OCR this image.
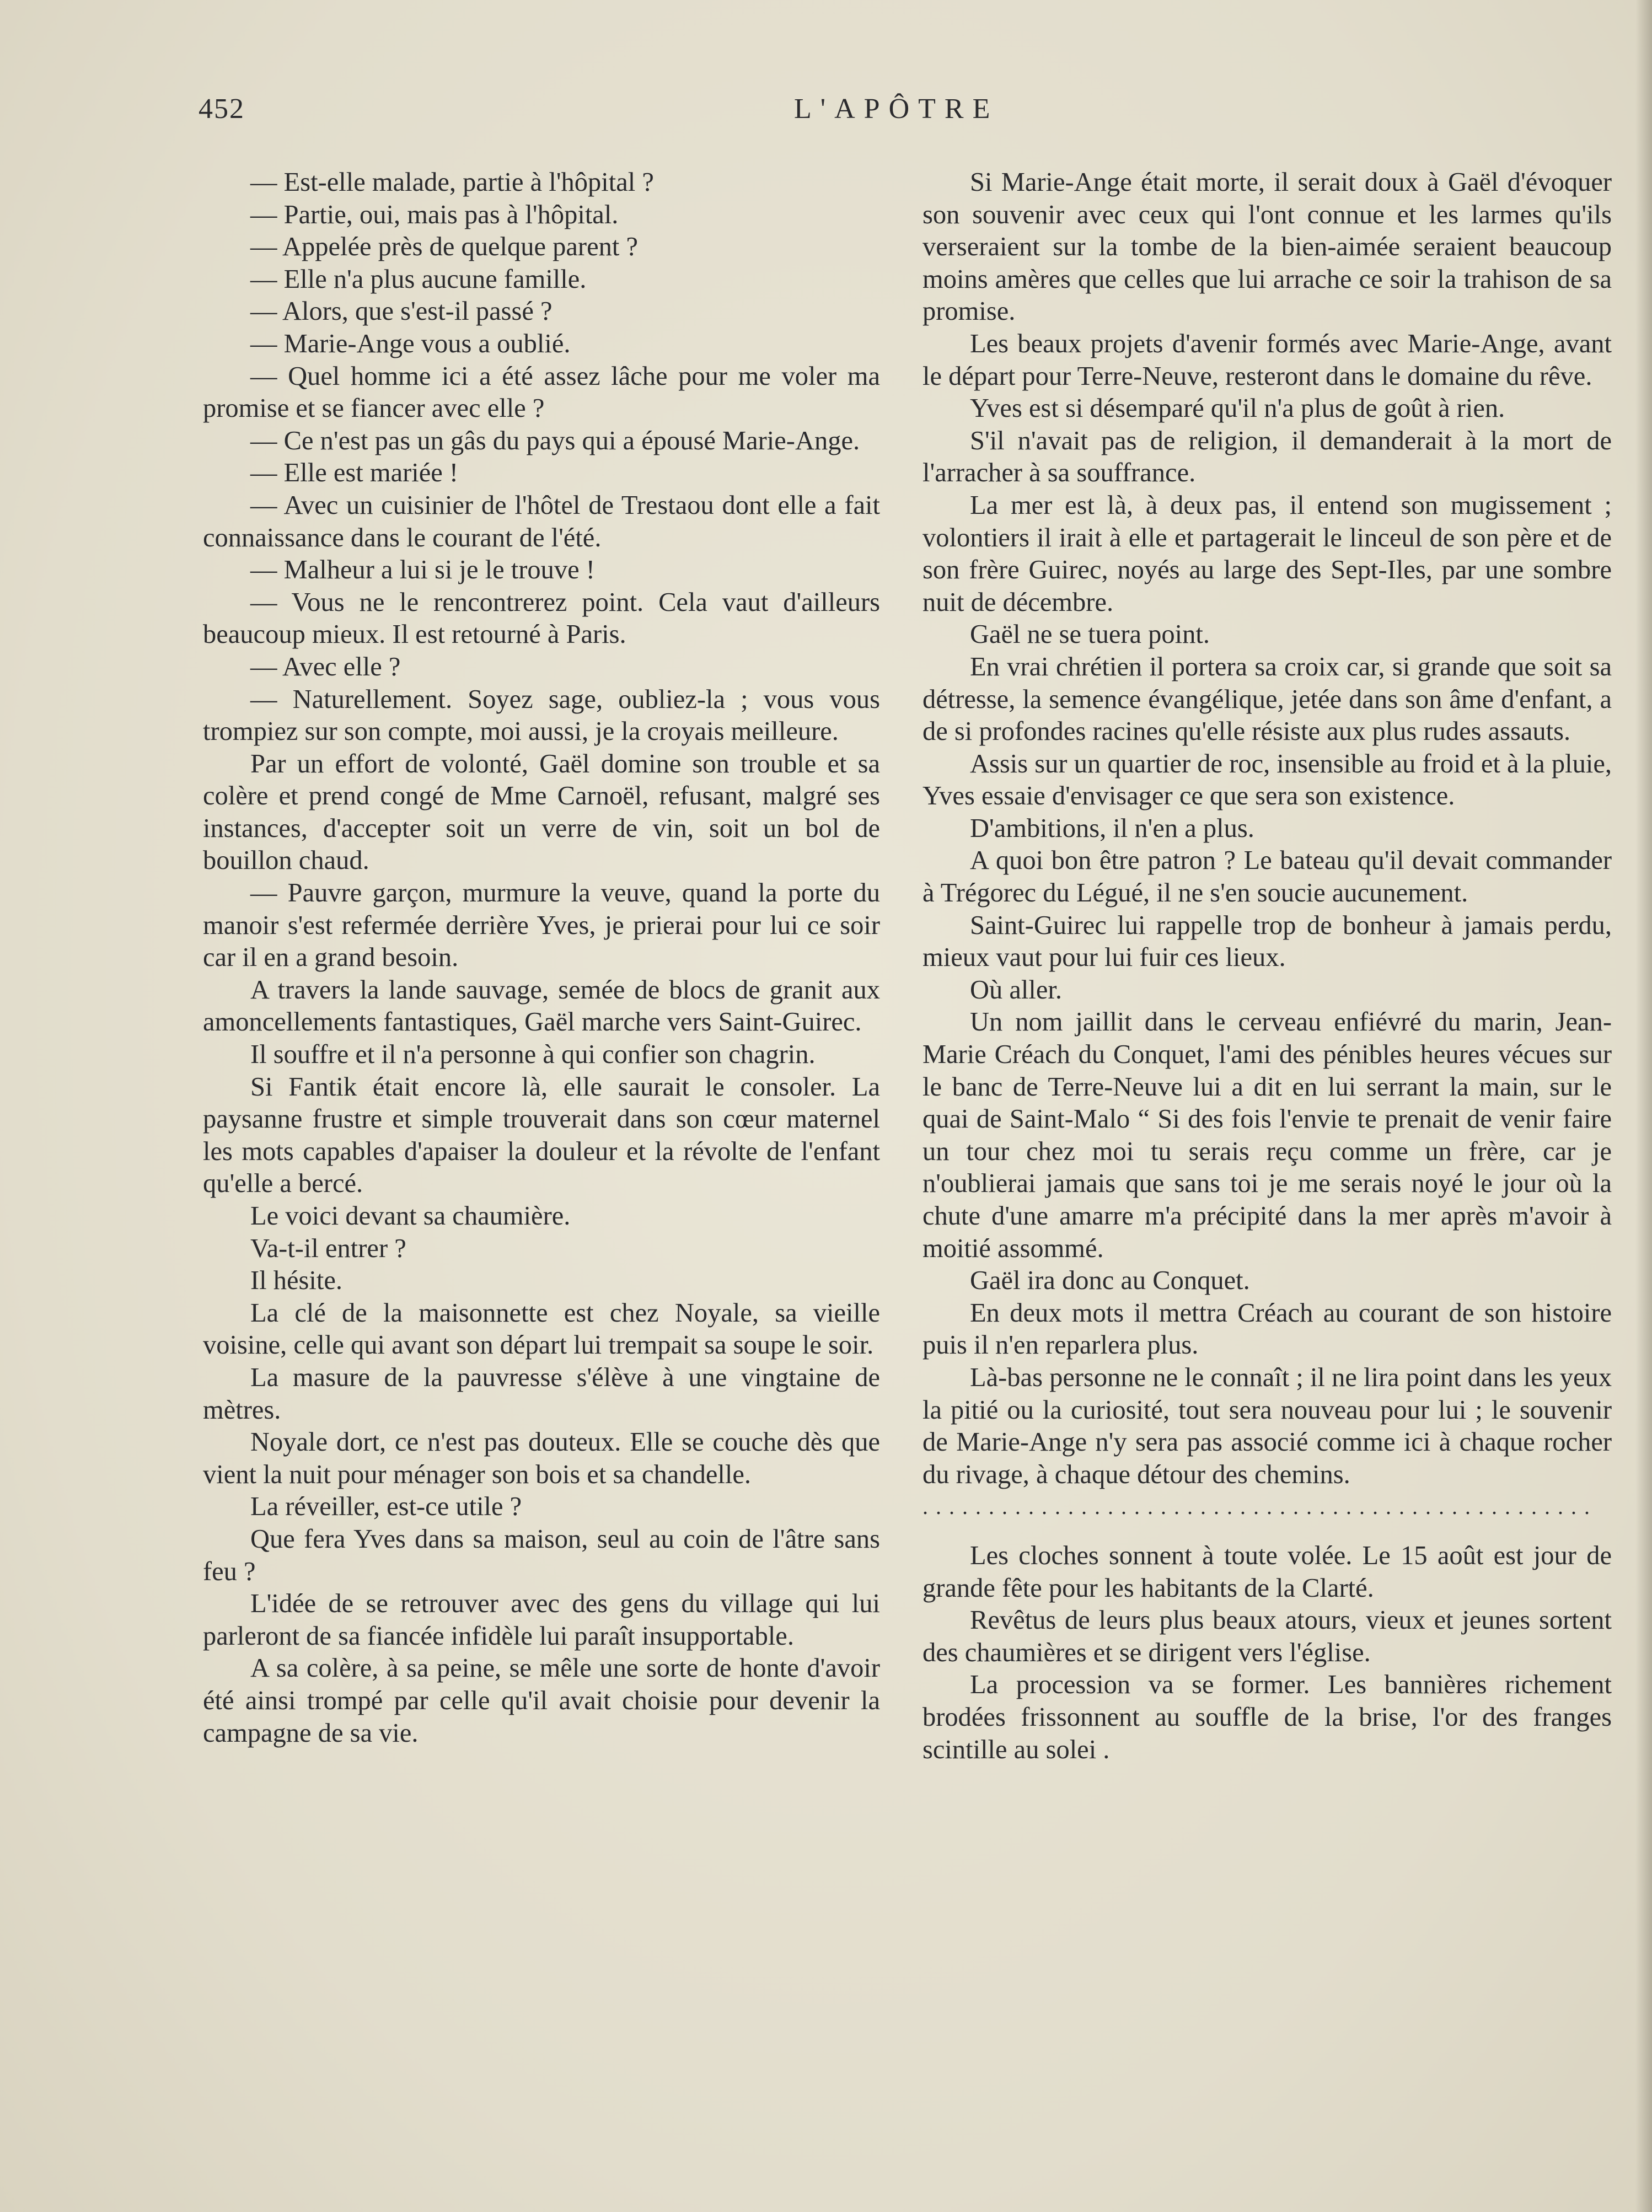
452	L'APÔTRE

— Est-elle malade, partie à l'hôpital ?

— Partie, oui, mais pas à l'hôpital.

— Appelée près de quelque parent ?

— Elle n'a plus aucune famille.

— Alors, que s'est-il passé ?

— Marie-Ange vous a oublié.

— Quel homme ici a été assez lâche pour me voler ma promise et se fiancer avec elle ?

— Ce n'est pas un gâs du pays qui a épousé Marie-Ange.

— Elle est mariée !

— Avec un cuisinier de l'hôtel de Trestaou dont elle a fait connaissance dans le courant de l'été.

— Malheur a lui si je le trouve !

— Vous ne le rencontrerez point. Cela vaut d'ailleurs beaucoup mieux. Il est retourné à Paris.

— Avec elle ?

— Naturellement. Soyez sage, oubliez-la ; vous vous trompiez sur son compte, moi aussi, je la croyais meilleure.

Par un effort de volonté, Gaël domine son trouble et sa colère et prend congé de Mme Carnoël, refusant, malgré ses instances, d'accepter soit un verre de vin, soit un bol de bouillon chaud.

— Pauvre garçon, murmure la veuve, quand la porte du manoir s'est refermée derrière Yves, je prierai pour lui ce soir car il en a grand besoin.

A travers la lande sauvage, semée de blocs de granit aux amoncellements fantastiques, Gaël marche vers Saint-Guirec.

Il souffre et il n'a personne à qui confier son chagrin.

Si Fantik était encore là, elle saurait le consoler. La paysanne frustre et simple trouverait dans son cœur maternel les mots capables d'apaiser la douleur et la révolte de l'enfant qu'elle a bercé.

Le voici devant sa chaumière.

Va-t-il entrer ?

Il hésite.

La clé de la maisonnette est chez Noyale, sa vieille voisine, celle qui avant son départ lui trempait sa soupe le soir.

La masure de la pauvresse s'élève à une vingtaine de mètres.

Noyale dort, ce n'est pas douteux. Elle se couche dès que vient la nuit pour ménager son bois et sa chandelle.

La réveiller, est-ce utile ?

Que fera Yves dans sa maison, seul au coin de l'âtre sans feu ?

L'idée de se retrouver avec des gens du village qui lui parleront de sa fiancée infidèle lui paraît insupportable.

A sa colère, à sa peine, se mêle une sorte de honte d'avoir été ainsi trompé par celle qu'il avait choisie pour devenir la campagne de sa vie.

Si Marie-Ange était morte, il serait doux à Gaël d'évoquer son souvenir avec ceux qui l'ont connue et les larmes qu'ils verseraient sur la tombe de la bien-aimée seraient beaucoup moins amères que celles que lui arrache ce soir la trahison de sa promise.

Les beaux projets d'avenir formés avec Marie-Ange, avant le départ pour Terre-Neuve, resteront dans le domaine du rêve.

Yves est si désemparé qu'il n'a plus de goût à rien.

S'il n'avait pas de religion, il demanderait à la mort de l'arracher à sa souffrance.

La mer est là, à deux pas, il entend son mugissement ; volontiers il irait à elle et partagerait le linceul de son père et de son frère Guirec, noyés au large des Sept-Iles, par une sombre nuit de décembre.

Gaël ne se tuera point.

En vrai chrétien il portera sa croix car, si grande que soit sa détresse, la semence évangélique, jetée dans son âme d'enfant, a de si profondes racines qu'elle résiste aux plus rudes assauts.

Assis sur un quartier de roc, insensible au froid et à la pluie, Yves essaie d'envisager ce que sera son existence.

D'ambitions, il n'en a plus.

A quoi bon être patron ? Le bateau qu'il devait commander à Trégorec du Légué, il ne s'en soucie aucunement.

Saint-Guirec lui rappelle trop de bonheur à jamais perdu, mieux vaut pour lui fuir ces lieux.

Où aller.

Un nom jaillit dans le cerveau enfiévré du marin, Jean-Marie Créach du Conquet, l'ami des pénibles heures vécues sur le banc de Terre-Neuve lui a dit en lui serrant la main, sur le quai de Saint-Malo “ Si des fois l'envie te prenait de venir faire un tour chez moi tu serais reçu comme un frère, car je n'oublierai jamais que sans toi je me serais noyé le jour où la chute d'une amarre m'a précipité dans la mer après m'avoir à moitié assommé.

Gaël ira donc au Conquet.

En deux mots il mettra Créach au courant de son histoire puis il n'en reparlera plus.

Là-bas personne ne le connaît ; il ne lira point dans les yeux la pitié ou la curiosité, tout sera nouveau pour lui ; le souvenir de Marie-Ange n'y sera pas associé comme ici à chaque rocher du rivage, à chaque détour des chemins.

...................................................

Les cloches sonnent à toute volée. Le 15 août est jour de grande fête pour les habitants de la Clarté.

Revêtus de leurs plus beaux atours, vieux et jeunes sortent des chaumières et se dirigent vers l'église.

La procession va se former. Les bannières richement brodées frissonnent au souffle de la brise, l'or des franges scintille au solei .
